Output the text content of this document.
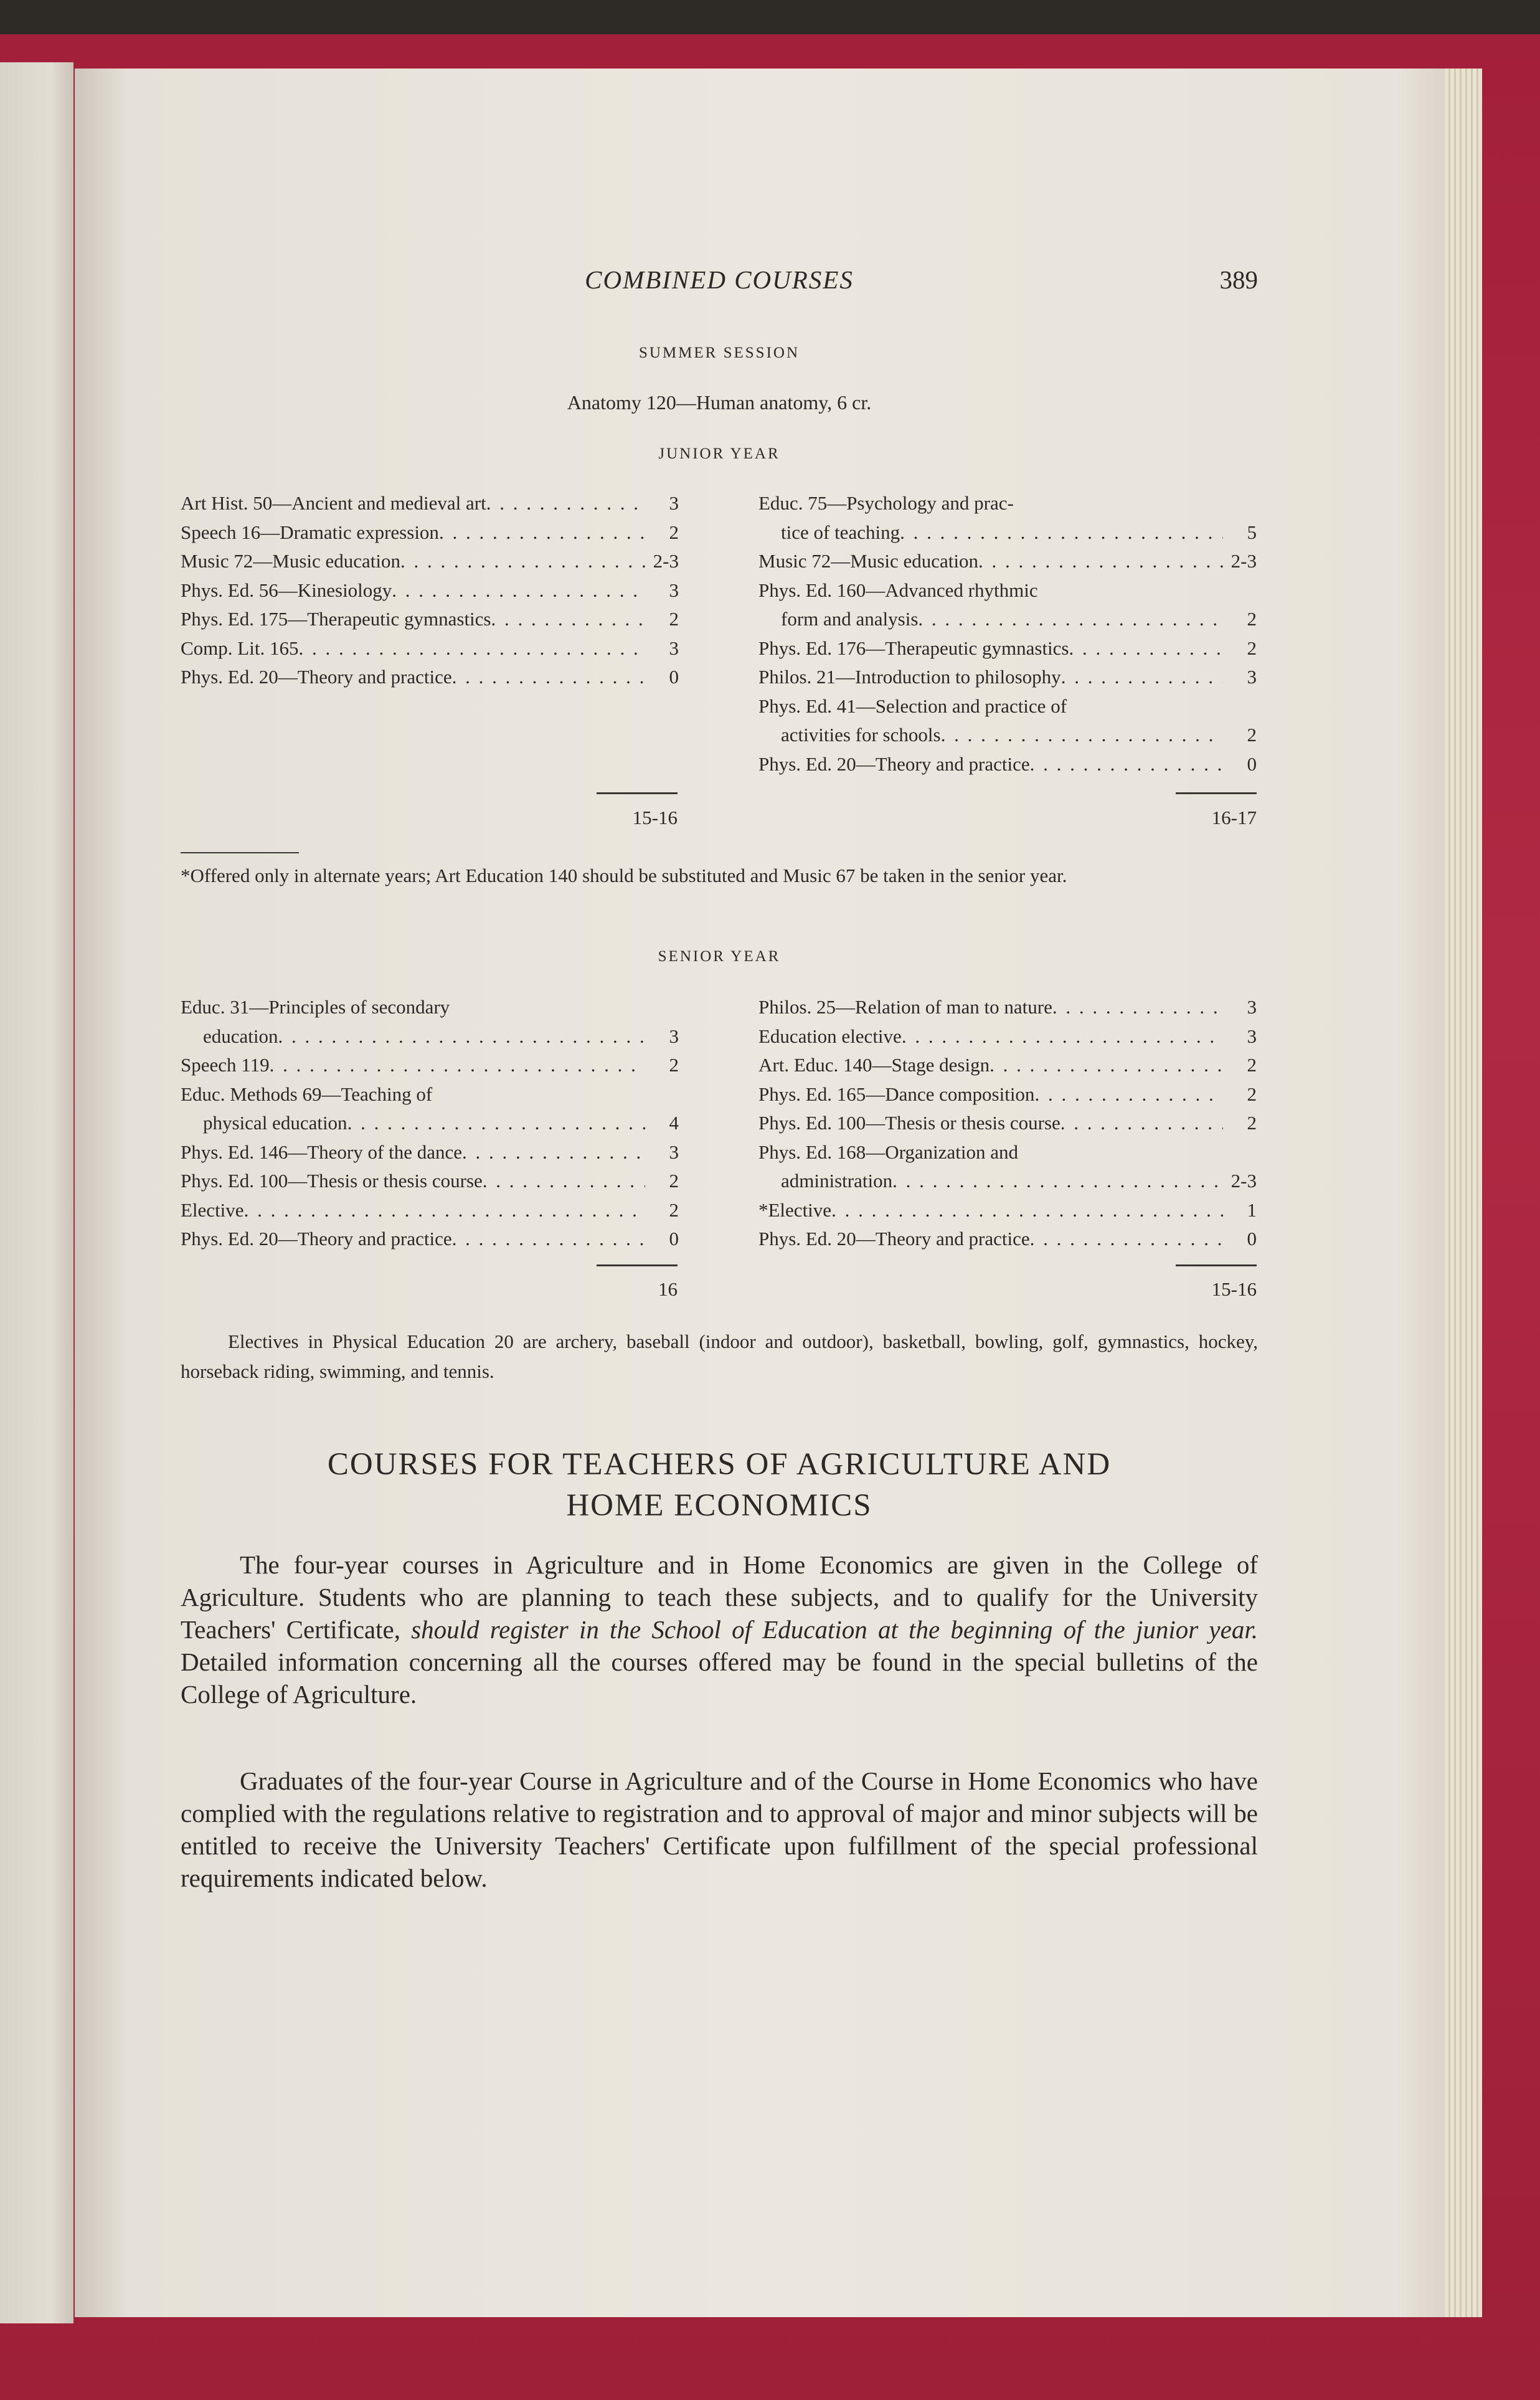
COMBINED COURSES	389
SUMMER SESSION
Anatomy 120—Human anatomy, 6 cr.
JUNIOR YEAR
Art Hist. 50—Ancient and medieval art . . .	3
Speech 16—Dramatic expression . . .	2
Music 72—Music education . . .	2-3
Phys. Ed. 56—Kinesiology . . .	3
Phys. Ed. 175—Therapeutic gymnastics . . .	2
Comp. Lit. 165 . . .	3
Phys. Ed. 20—Theory and practice . . .	0
Educ. 75—Psychology and prac-
tice of teaching . . .	5
Music 72—Music education . . .	2-3
Phys. Ed. 160—Advanced rhythmic
form and analysis . . .	2
Phys. Ed. 176—Therapeutic gymnastics . . .	2
Philos. 21—Introduction to philosophy . . .	3
Phys. Ed. 41—Selection and practice of
activities for schools . . .	2
Phys. Ed. 20—Theory and practice . . .	0
15-16	16-17
*Offered only in alternate years; Art Education 140 should be substituted and Music 67 be taken in the senior year.
SENIOR YEAR
Educ. 31—Principles of secondary
education . . .	3
Speech 119 . . .	2
Educ. Methods 69—Teaching of
physical education . . .	4
Phys. Ed. 146—Theory of the dance . . .	3
Phys. Ed. 100—Thesis or thesis course . . .	2
Elective . . .	2
Phys. Ed. 20—Theory and practice . . .	0
Philos. 25—Relation of man to nature . . .	3
Education elective . . .	3
Art. Educ. 140—Stage design . . .	2
Phys. Ed. 165—Dance composition . . .	2
Phys. Ed. 100—Thesis or thesis course . . .	2
Phys. Ed. 168—Organization and
administration . . .	2-3
*Elective . . .	1
Phys. Ed. 20—Theory and practice . . .	0
16	15-16
Electives in Physical Education 20 are archery, baseball (indoor and outdoor), basketball, bowling, golf, gymnastics, hockey, horseback riding, swimming, and tennis.
COURSES FOR TEACHERS OF AGRICULTURE AND
HOME ECONOMICS
The four-year courses in Agriculture and in Home Economics are given in the College of Agriculture. Students who are planning to teach these subjects, and to qualify for the University Teachers' Certificate, should register in the School of Education at the beginning of the junior year. Detailed information concerning all the courses offered may be found in the special bulletins of the College of Agriculture.
Graduates of the four-year Course in Agriculture and of the Course in Home Economics who have complied with the regulations relative to registration and to approval of major and minor subjects will be entitled to receive the University Teachers' Certificate upon fulfillment of the special professional requirements indicated below.
